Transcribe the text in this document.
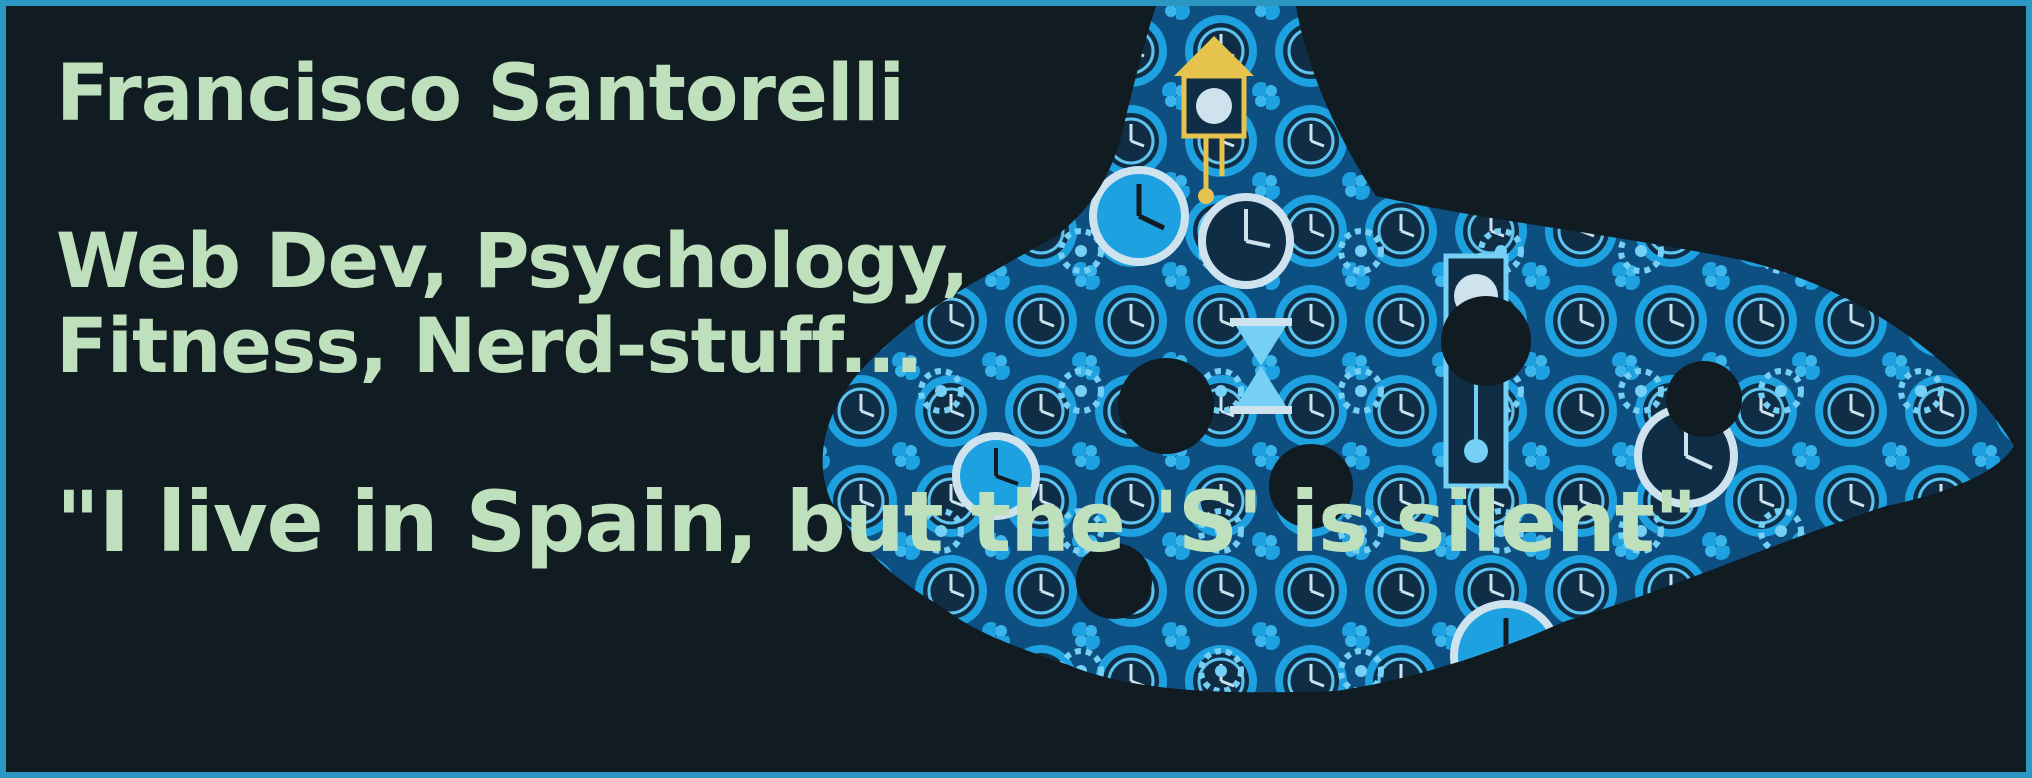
Francisco Santorelli

Web Dev, Psychology,
Fitness, Nerd-stuff...

"I live in Spain, but the 'S' is silent"
